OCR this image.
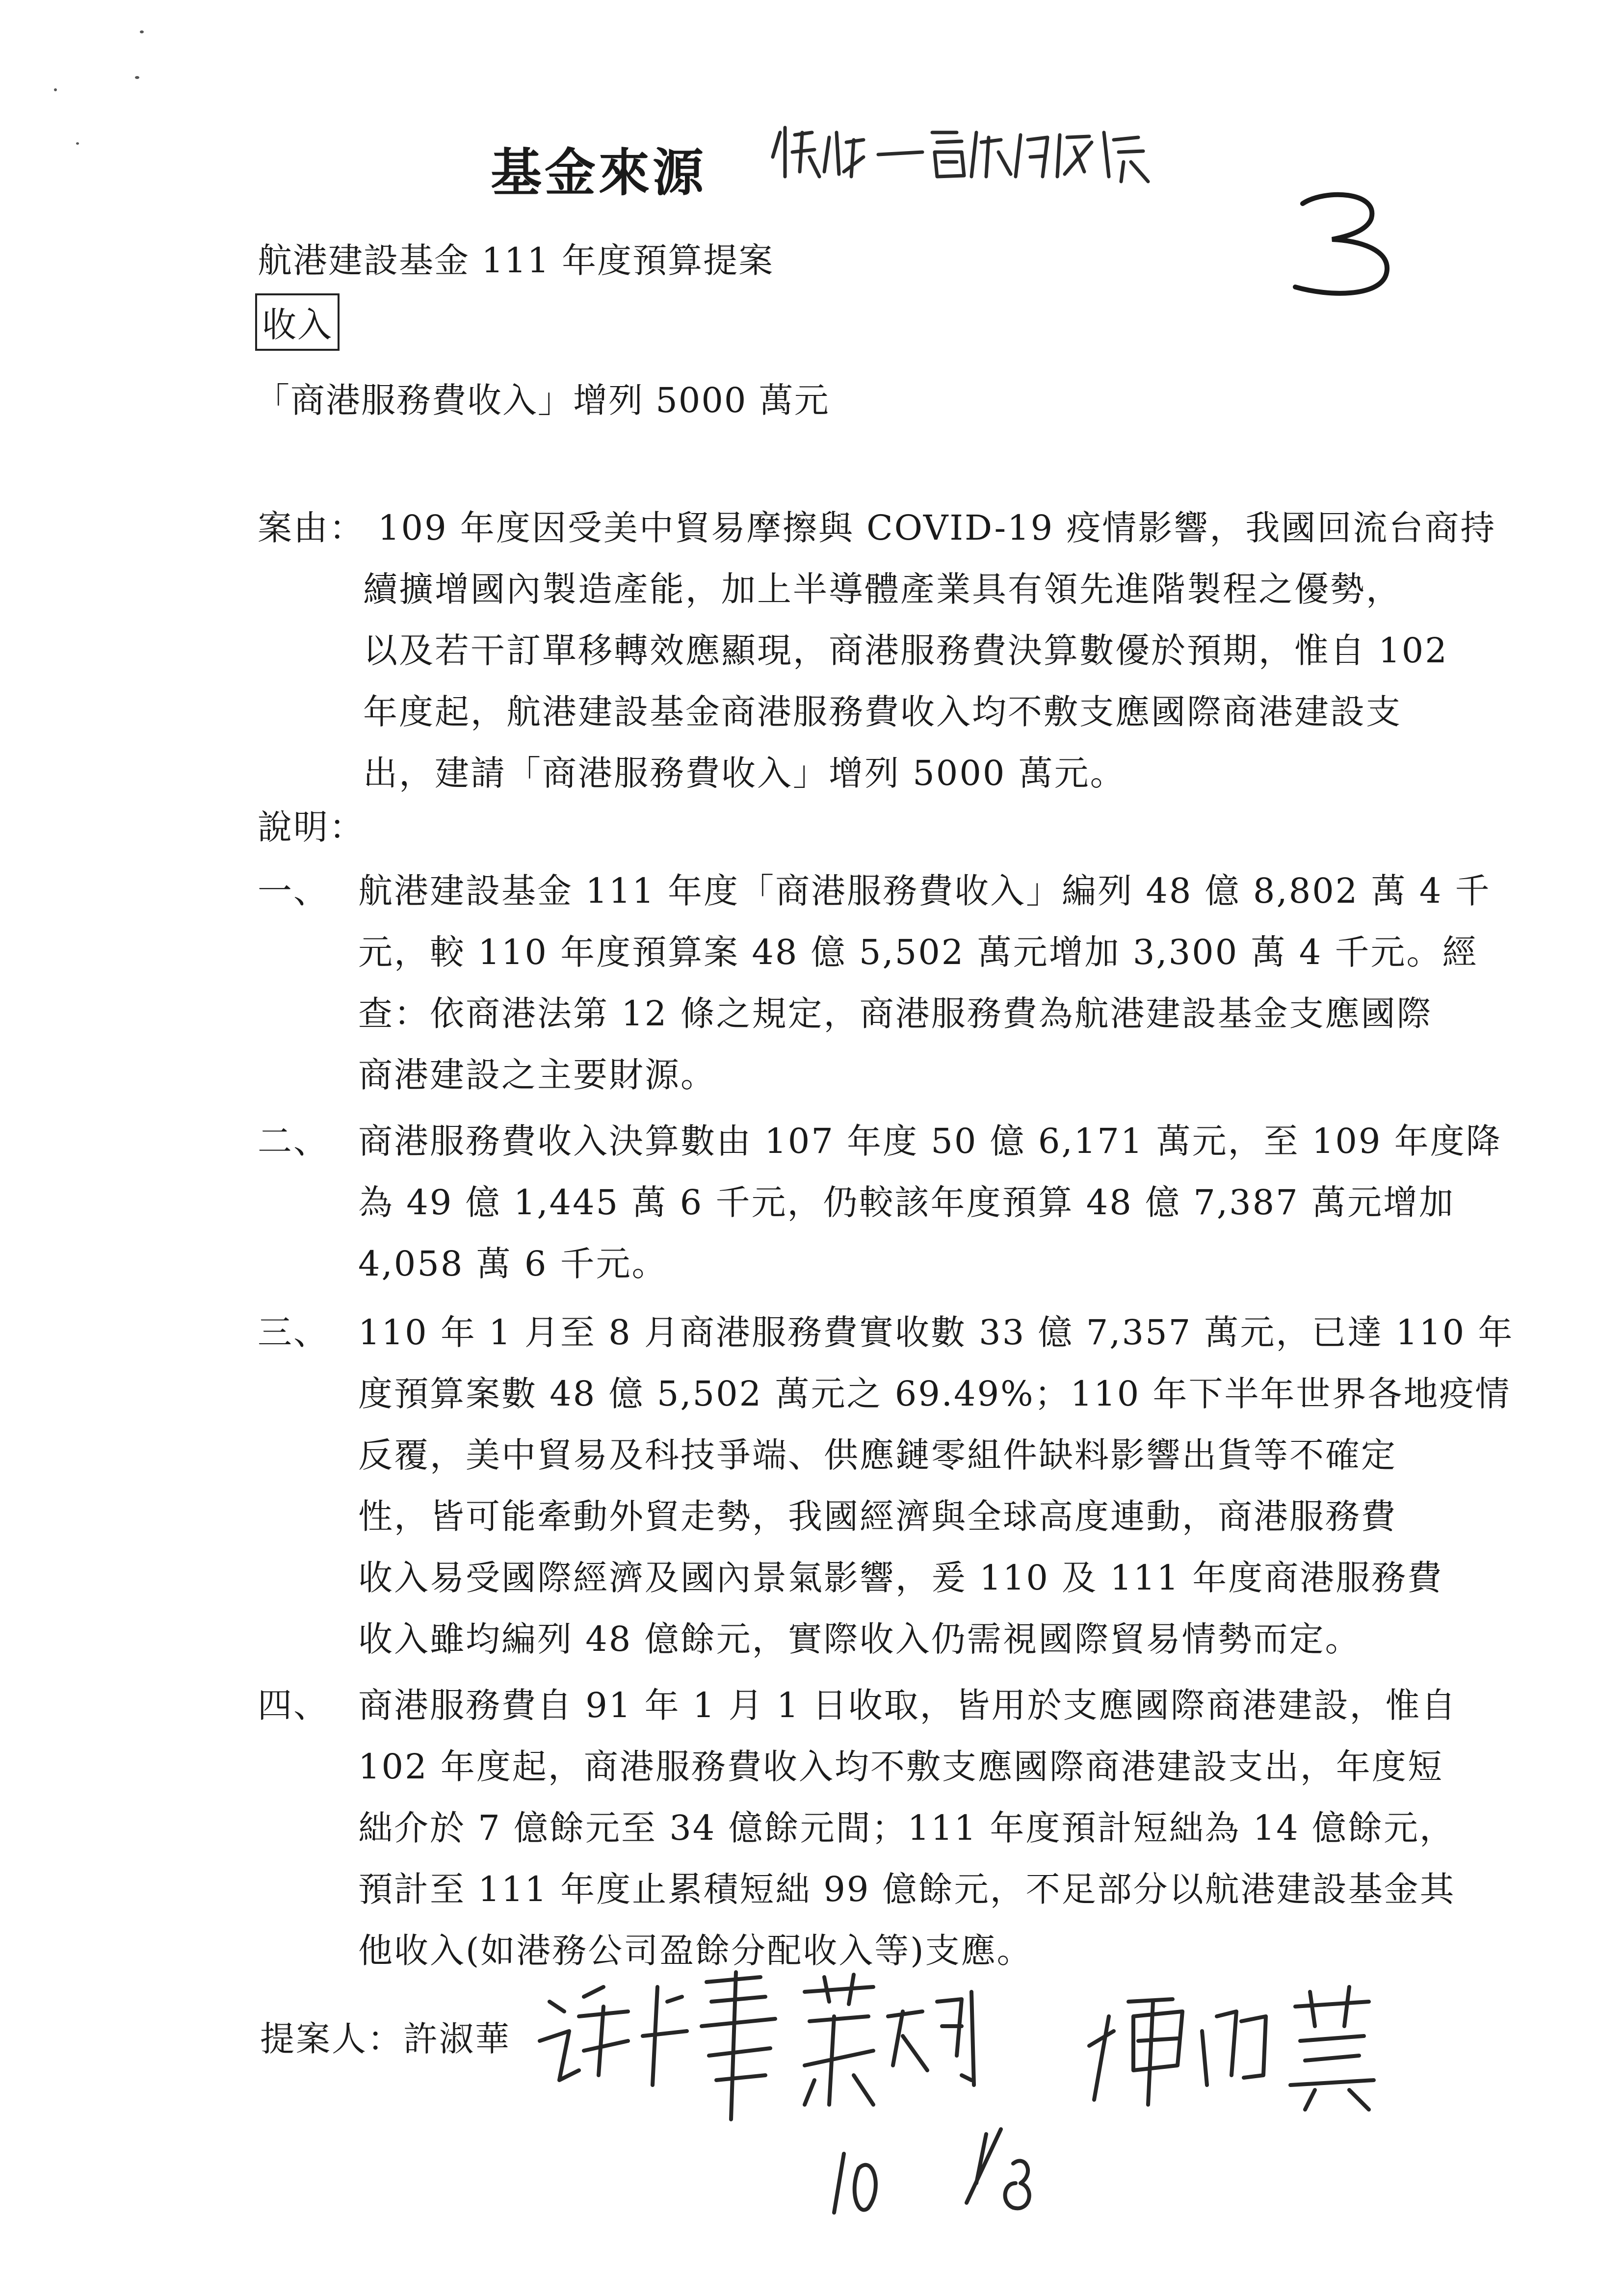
基金來源
徵收-商港服務費
航港建設基金 111 年度預算提案
收入
「商港服務費收入」增列 5000 萬元
案由： 109 年度因受美中貿易摩擦與 COVID-19 疫情影響，我國回流台商持
續擴增國內製造產能，加上半導體產業具有領先進階製程之優勢，
以及若干訂單移轉效應顯現，商港服務費決算數優於預期，惟自 102
年度起，航港建設基金商港服務費收入均不敷支應國際商港建設支
出，建請「商港服務費收入」增列 5000 萬元。
說明：
一、 航港建設基金 111 年度「商港服務費收入」編列 48 億 8,802 萬 4 千
元，較 110 年度預算案 48 億 5,502 萬元增加 3,300 萬 4 千元。經
查：依商港法第 12 條之規定，商港服務費為航港建設基金支應國際
商港建設之主要財源。
二、 商港服務費收入決算數由 107 年度 50 億 6,171 萬元，至 109 年度降
為 49 億 1,445 萬 6 千元，仍較該年度預算 48 億 7,387 萬元增加
4,058 萬 6 千元。
三、 110 年 1 月至 8 月商港服務費實收數 33 億 7,357 萬元，已達 110 年
度預算案數 48 億 5,502 萬元之 69.49%；110 年下半年世界各地疫情
反覆，美中貿易及科技爭端、供應鏈零組件缺料影響出貨等不確定
性，皆可能牽動外貿走勢，我國經濟與全球高度連動，商港服務費
收入易受國際經濟及國內景氣影響，爰 110 及 111 年度商港服務費
收入雖均編列 48 億餘元，實際收入仍需視國際貿易情勢而定。
四、 商港服務費自 91 年 1 月 1 日收取，皆用於支應國際商港建設，惟自
102 年度起，商港服務費收入均不敷支應國際商港建設支出，年度短
絀介於 7 億餘元至 34 億餘元間；111 年度預計短絀為 14 億餘元，
預計至 111 年度止累積短絀 99 億餘元，不足部分以航港建設基金其
他收入(如港務公司盈餘分配收入等)支應。
提案人：許淑華
